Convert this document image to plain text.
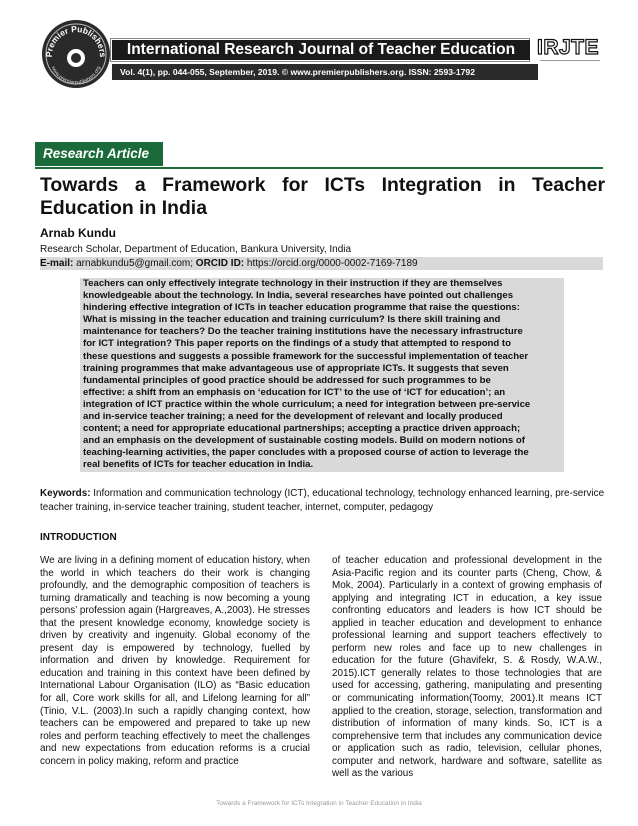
Premier Publishers
www.premierpublishers.org
International Research Journal of Teacher Education
Vol. 4(1), pp. 044-055, September, 2019. © www.premierpublishers.org. ISSN: 2593-1792
IRJTE
Research Article
Towards a Framework for ICTs Integration in Teacher Education in India
Arnab Kundu
Research Scholar, Department of Education, Bankura University, India
E-mail: arnabkundu5@gmail.com; ORCID ID: https://orcid.org/0000-0002-7169-7189

Teachers can only effectively integrate technology in their instruction if they are themselves

knowledgeable about the technology. In India, several researches have pointed out challenges

hindering effective integration of ICTs in teacher education programme that raise the questions:

What is missing in the teacher education and training curriculum? Is there skill training and

maintenance for teachers? Do the teacher training institutions have the necessary infrastructure

for ICT integration? This paper reports on the findings of a study that attempted to respond to

these questions and suggests a possible framework for the successful implementation of teacher

training programmes that make advantageous use of appropriate ICTs. It suggests that seven

fundamental principles of good practice should be addressed for such programmes to be

effective: a shift from an emphasis on ‘education for ICT’ to the use of ‘ICT for education’; an

integration of ICT practice within the whole curriculum; a need for integration between pre-service

and in-service teacher training; a need for the development of relevant and locally produced

content; a need for appropriate educational partnerships; accepting a practice driven approach;

and an emphasis on the development of sustainable costing models. Build on modern notions of

teaching-learning activities, the paper concludes with a proposed course of action to leverage the

real benefits of ICTs for teacher education in India.

Keywords: Information and communication technology (ICT), educational technology, technology enhanced learning, pre-service teacher training, in-service teacher training, student teacher, internet, computer, pedagogy
INTRODUCTION

We are living in a defining moment of education history, when the world in which teachers do their work is changing profoundly, and the demographic composition of teachers is turning dramatically and teaching is now becoming a young persons’ profession again (Hargreaves, A.,2003). He stresses that the present knowledge economy, knowledge society is driven by creativity and ingenuity. Global economy of the present day is empowered by technology, fuelled by information and driven by knowledge. Requirement for education and training in this context have been defined by International Labour Organisation (ILO) as “Basic education for all, Core work skills for all, and Lifelong learning for all” (Tinio, V.L. (2003).In such a rapidly changing context, how teachers can be empowered and prepared to take up new roles and perform teaching effectively to meet the challenges and new expectations from education reforms is a crucial concern in policy making, reform and practice

of teacher education and professional development in the Asia-Pacific region and its counter parts (Cheng, Chow, & Mok, 2004). Particularly in a context of growing emphasis of applying and integrating ICT in education, a key issue confronting educators and leaders is how ICT should be applied in teacher education and development to enhance professional learning and support teachers effectively to perform new roles and face up to new challenges in education for the future (Ghavifekr, S. & Rosdy, W.A.W., 2015).ICT generally relates to those technologies that are used for accessing, gathering, manipulating and presenting or communicating information(Toomy, 2001).It means ICT applied to the creation, storage, selection, transformation and distribution of information of many kinds. So, ICT is a comprehensive term that includes any communication device or application such as radio, television, cellular phones, computer and network, hardware and software, satellite as well as the various

Towards a Framework for ICTs Integration in Teacher Education in India
